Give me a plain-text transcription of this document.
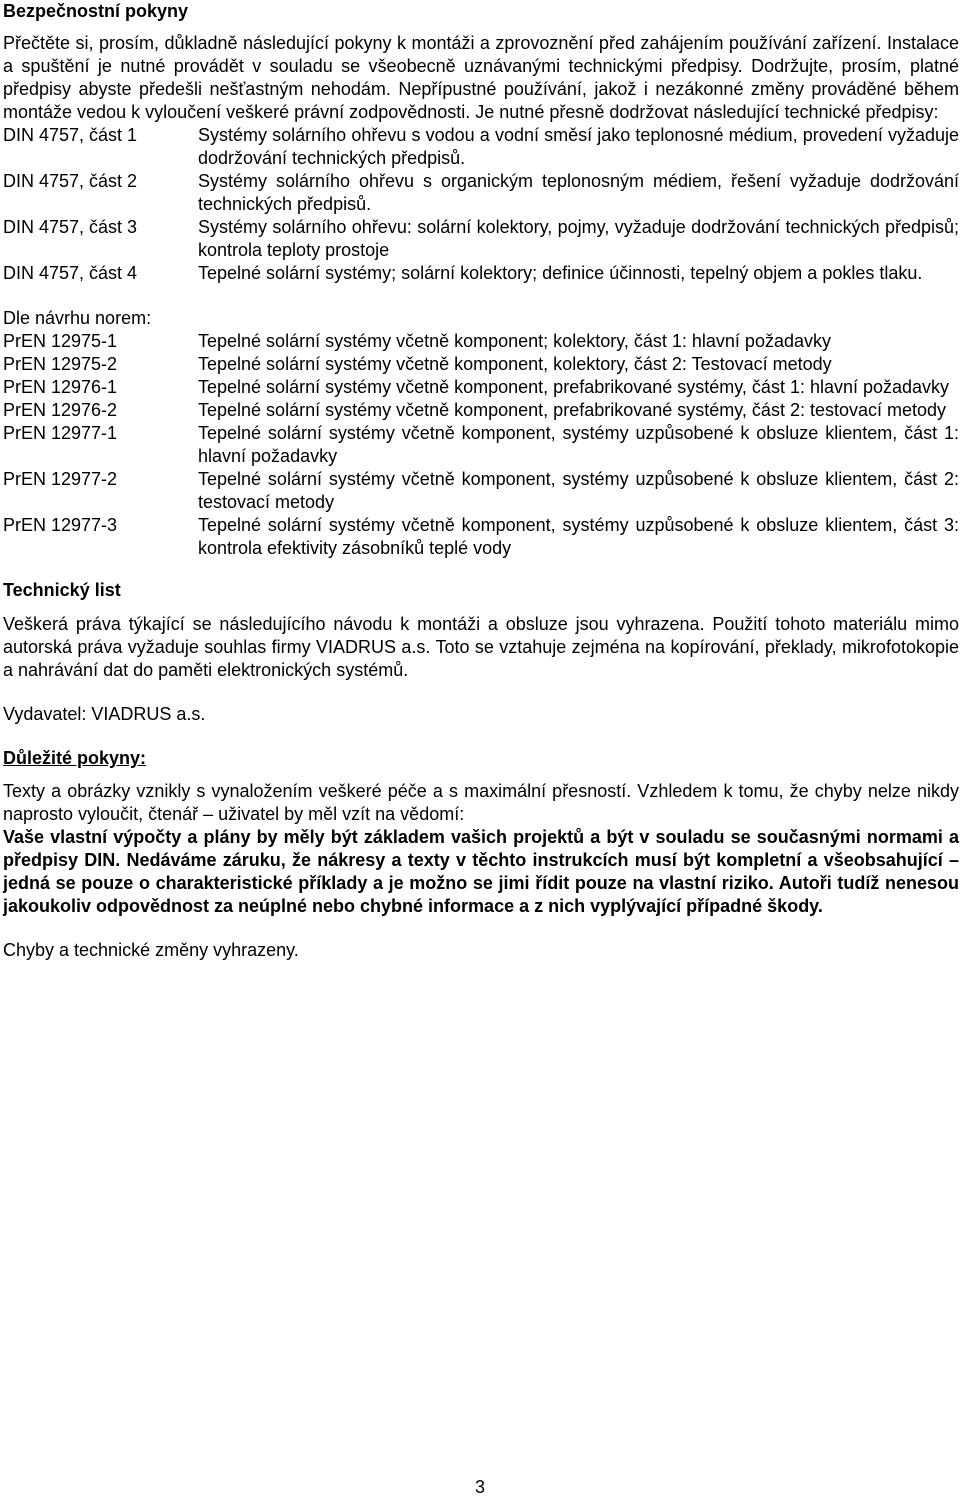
Bezpečnostní pokyny

Přečtěte si, prosím, důkladně následující pokyny k montáži a zprovoznění před zahájením používání zařízení. Instalace a spuštění je nutné provádět v souladu se všeobecně uznávanými technickými předpisy. Dodržujte, prosím, platné předpisy abyste předešli nešťastným nehodám. Nepřípustné používání, jakož i nezákonné změny prováděné během montáže vedou k vyloučení veškeré právní zodpovědnosti. Je nutné přesně dodržovat následující technické předpisy:

DIN 4757, část 1	Systémy solárního ohřevu s vodou a vodní směsí jako teplonosné médium, provedení vyžaduje dodržování technických předpisů.
DIN 4757, část 2	Systémy solárního ohřevu s organickým teplonosným médiem, řešení vyžaduje dodržování technických předpisů.
DIN 4757, část 3	Systémy solárního ohřevu: solární kolektory, pojmy, vyžaduje dodržování technických předpisů; kontrola teploty prostoje
DIN 4757, část 4	Tepelné solární systémy; solární kolektory; definice účinnosti, tepelný objem a pokles tlaku.
Dle návrhu norem:
PrEN 12975-1	Tepelné solární systémy včetně komponent; kolektory, část 1: hlavní požadavky
PrEN 12975-2	Tepelné solární systémy včetně komponent, kolektory, část 2: Testovací metody
PrEN 12976-1	Tepelné solární systémy včetně komponent, prefabrikované systémy, část 1: hlavní požadavky
PrEN 12976-2	Tepelné solární systémy včetně komponent, prefabrikované systémy, část 2: testovací metody
PrEN 12977-1	Tepelné solární systémy včetně komponent, systémy uzpůsobené k obsluze klientem, část 1: hlavní požadavky
PrEN 12977-2	Tepelné solární systémy včetně komponent, systémy uzpůsobené k obsluze klientem, část 2: testovací metody
PrEN 12977-3	Tepelné solární systémy včetně komponent, systémy uzpůsobené k obsluze klientem, část 3: kontrola efektivity zásobníků teplé vody
Technický list

Veškerá práva týkající se následujícího návodu k montáži a obsluze jsou vyhrazena. Použití tohoto materiálu mimo autorská práva vyžaduje souhlas firmy VIADRUS a.s. Toto se vztahuje zejména na kopírování, překlady, mikrofotokopie a nahrávání dat do paměti elektronických systémů.

Vydavatel: VIADRUS a.s.

Důležité pokyny:

Texty a obrázky vznikly s vynaložením veškeré péče a s maximální přesností. Vzhledem k tomu, že chyby nelze nikdy naprosto vyloučit, čtenář – uživatel by měl vzít na vědomí:

Vaše vlastní výpočty a plány by měly být základem vašich projektů a být v souladu se současnými normami a předpisy DIN. Nedáváme záruku, že nákresy a texty v těchto instrukcích musí být kompletní a všeobsahující – jedná se pouze o charakteristické příklady a je možno se jimi řídit pouze na vlastní riziko. Autoři tudíž nenesou jakoukoliv odpovědnost za neúplné nebo chybné informace a z nich vyplývající případné škody.

Chyby a technické změny vyhrazeny.

3
